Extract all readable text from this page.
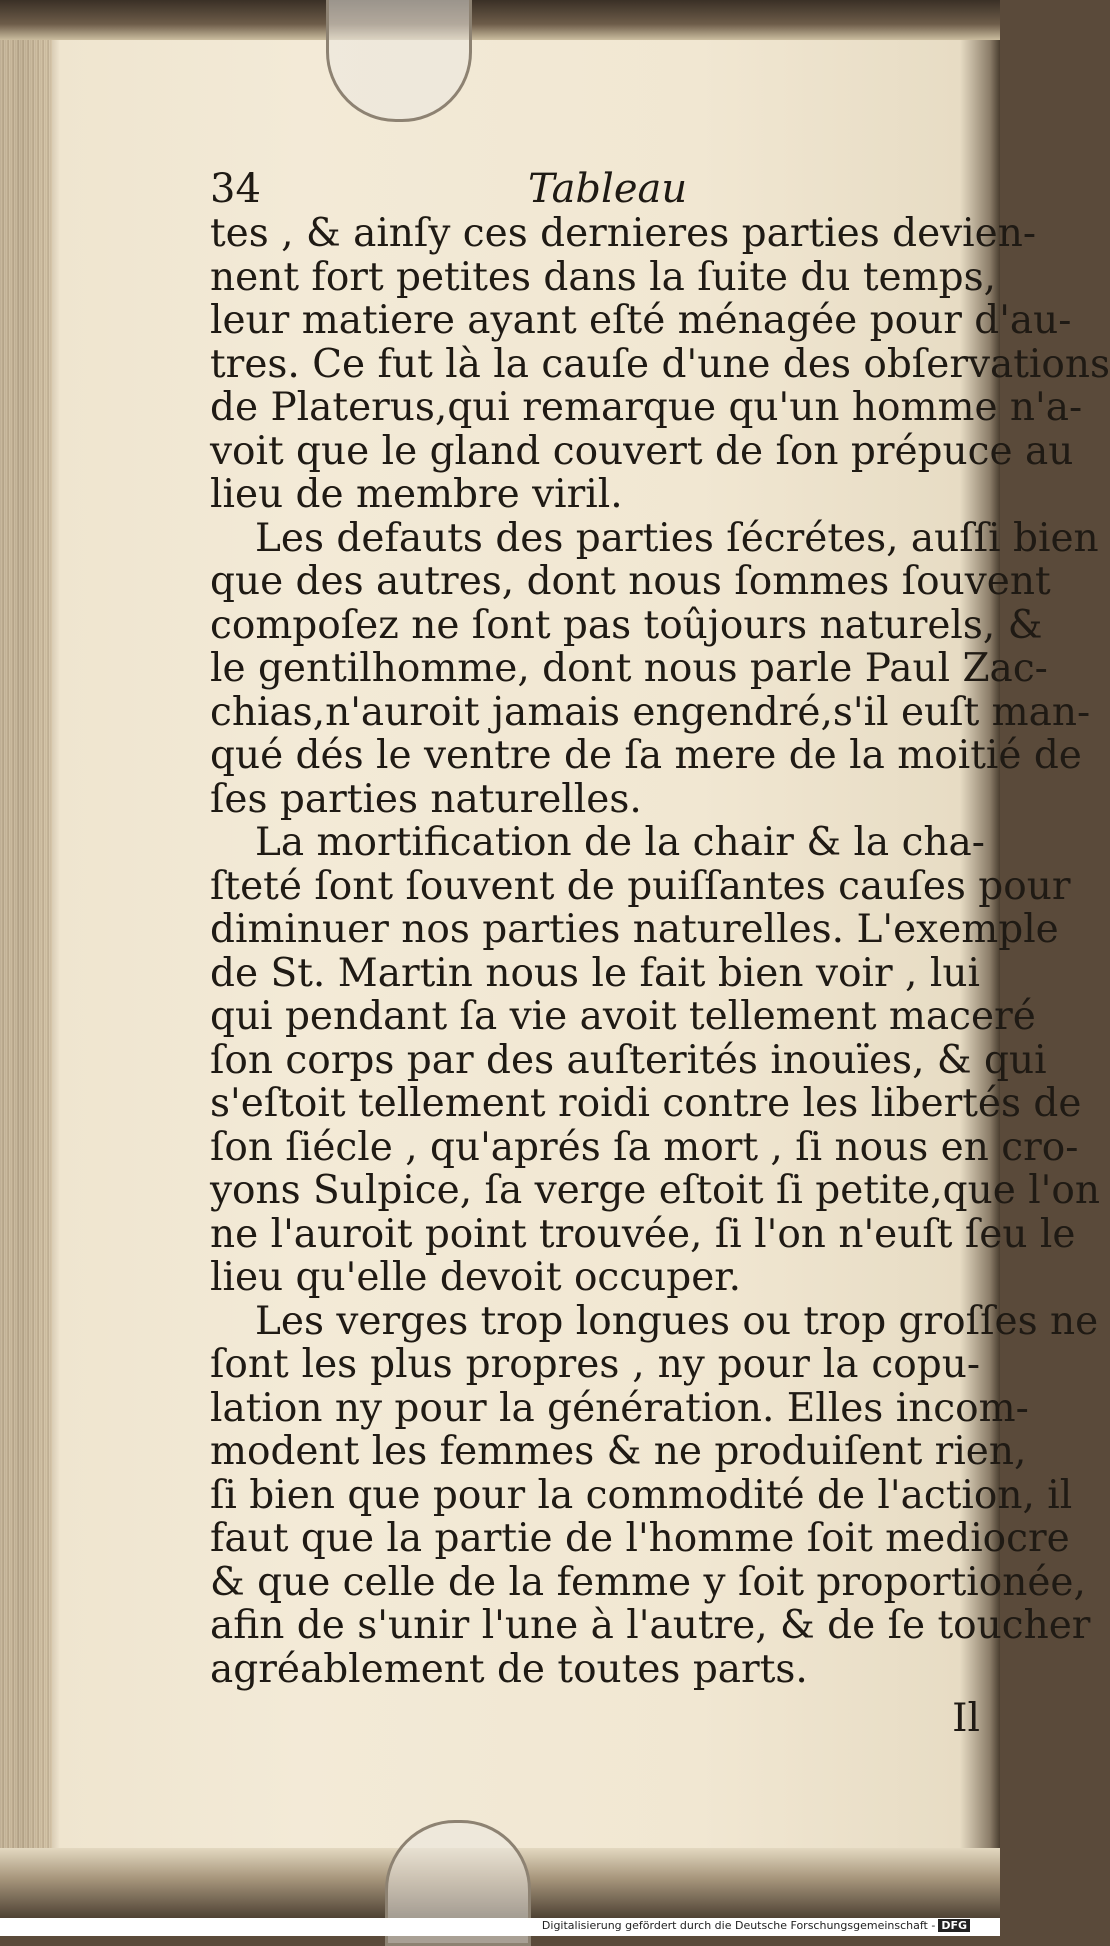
34	Tableau
tes , & ainſy ces dernieres parties devien-
nent fort petites dans la ſuite du temps,
leur matiere ayant eſté ménagée pour d'au-
tres. Ce fut là la cauſe d'une des obſervations
de Platerus,qui remarque qu'un homme n'a-
voit que le gland couvert de ſon prépuce au
lieu de membre viril.
Les defauts des parties ſécrétes, auſſi bien
que des autres, dont nous ſommes ſouvent
compoſez ne ſont pas toûjours naturels, &
le gentilhomme, dont nous parle Paul Zac-
chias,n'auroit jamais engendré,s'il euſt man-
qué dés le ventre de ſa mere de la moitié de
ſes parties naturelles.
La mortification de la chair & la cha-
ſteté ſont ſouvent de puiſſantes cauſes pour
diminuer nos parties naturelles. L'exemple
de St. Martin nous le fait bien voir , lui
qui pendant ſa vie avoit tellement maceré
ſon corps par des auſterités inouïes, & qui
s'eſtoit tellement roidi contre les libertés de
ſon ſiécle , qu'aprés ſa mort , ſi nous en cro-
yons Sulpice, ſa verge eſtoit ſi petite,que l'on
ne l'auroit point trouvée, ſi l'on n'euſt ſeu le
lieu qu'elle devoit occuper.
Les verges trop longues ou trop groſſes ne
ſont les plus propres , ny pour la copu-
lation ny pour la génération. Elles incom-
modent les femmes & ne produiſent rien,
ſi bien que pour la commodité de l'action, il
faut que la partie de l'homme ſoit mediocre
& que celle de la femme y ſoit proportionée,
afin de s'unir l'une à l'autre, & de ſe toucher
agréablement de toutes parts.
Il
Digitalisierung gefördert durch die Deutsche Forschungsgemeinschaft - DFG
